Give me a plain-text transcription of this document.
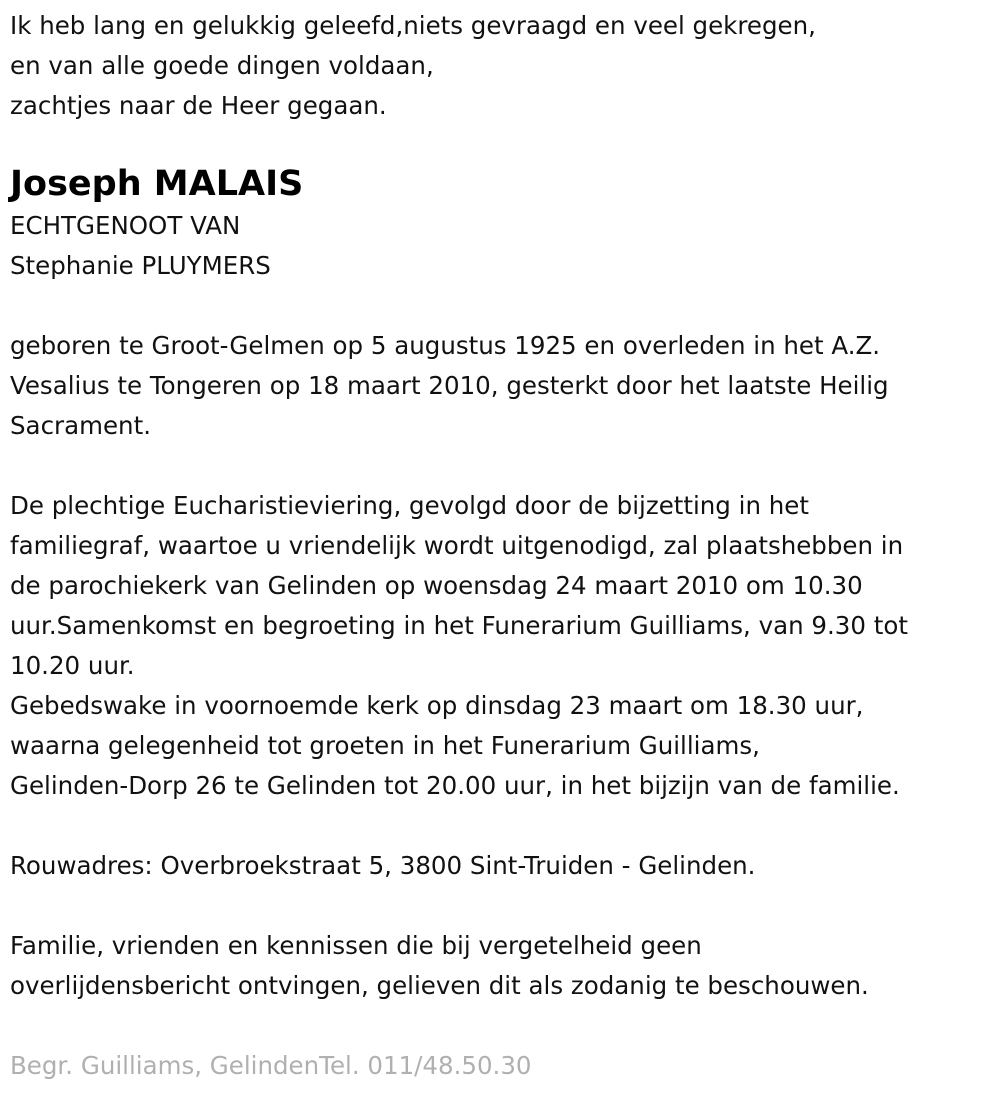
Ik heb lang en gelukkig geleefd,niets gevraagd en veel gekregen,

en van alle goede dingen voldaan,

zachtjes naar de Heer gegaan.

Joseph MALAIS

ECHTGENOOT VAN

Stephanie PLUYMERS

geboren te Groot-Gelmen op 5 augustus 1925 en overleden in het A.Z.

Vesalius te Tongeren op 18 maart 2010, gesterkt door het laatste Heilig

Sacrament.

De plechtige Eucharistieviering, gevolgd door de bijzetting in het

familiegraf, waartoe u vriendelijk wordt uitgenodigd, zal plaatshebben in

de parochiekerk van Gelinden op woensdag 24 maart 2010 om 10.30

uur.Samenkomst en begroeting in het Funerarium Guilliams, van 9.30 tot

10.20 uur.

Gebedswake in voornoemde kerk op dinsdag 23 maart om 18.30 uur,

waarna gelegenheid tot groeten in het Funerarium Guilliams,

Gelinden-Dorp 26 te Gelinden tot 20.00 uur, in het bijzijn van de familie.

Rouwadres: Overbroekstraat 5, 3800 Sint-Truiden - Gelinden.

Familie, vrienden en kennissen die bij vergetelheid geen

overlijdensbericht ontvingen, gelieven dit als zodanig te beschouwen.

Begr. Guilliams, GelindenTel. 011/48.50.30
